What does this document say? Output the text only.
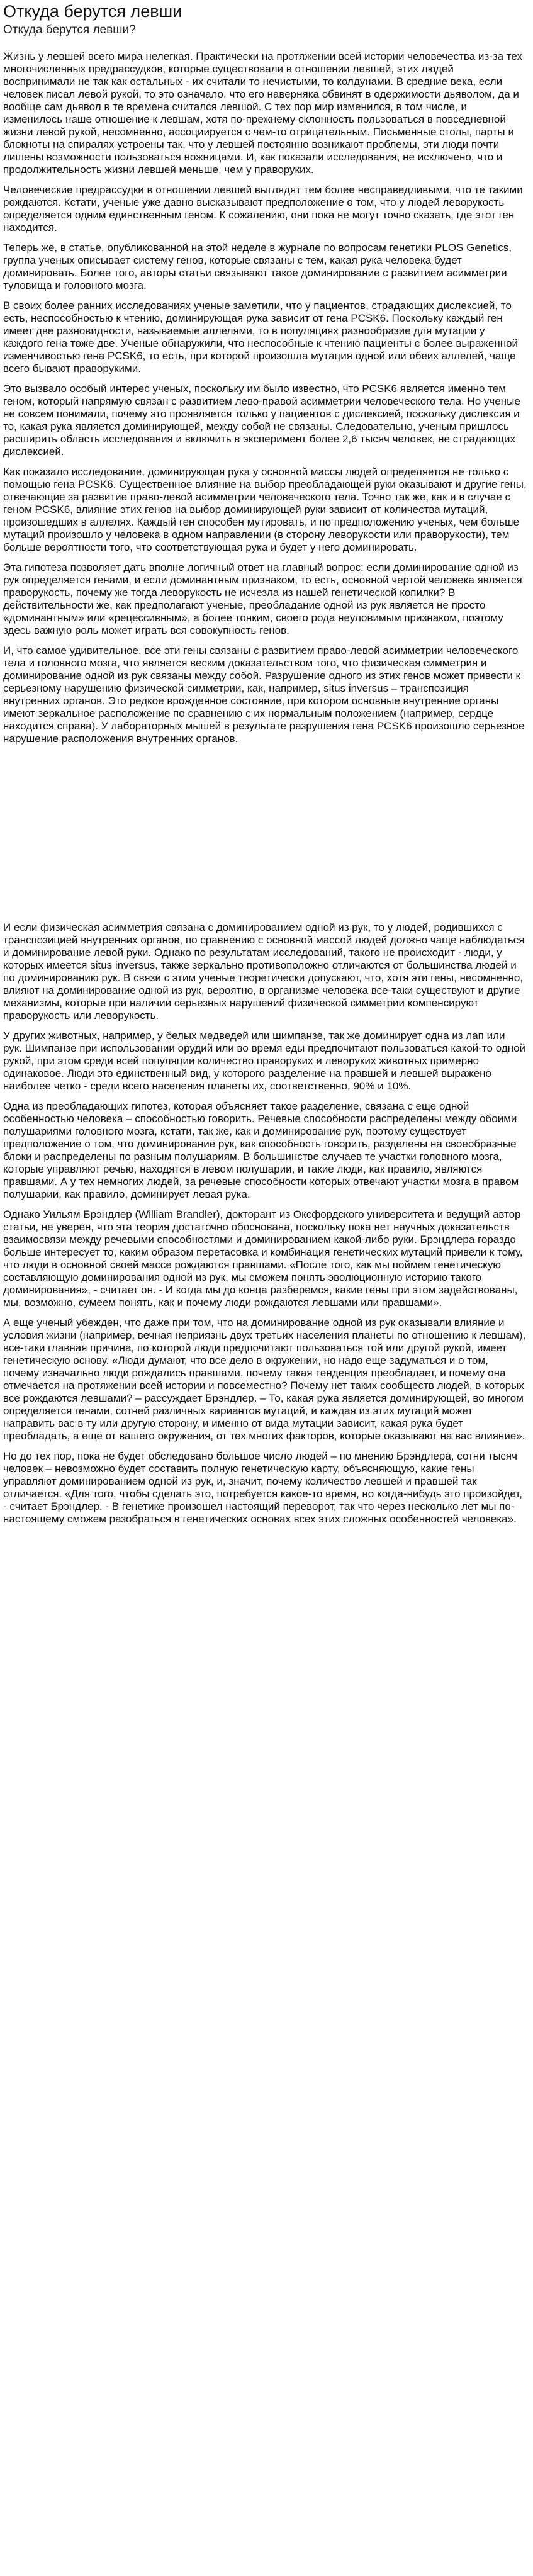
Откуда берутся левши
Откуда берутся левши?

Жизнь у левшей всего мира нелегкая. Практически на протяжении всей истории человечества из-за тех многочисленных предрассудков, которые существовали в отношении левшей, этих людей воспринимали не так как остальных - их считали то нечистыми, то колдунами. В средние века, если человек писал левой рукой, то это означало, что его наверняка обвинят в одержимости дьяволом, да и вообще сам дьявол в те времена считался левшой. С тех пор мир изменился, в том числе, и изменилось наше отношение к левшам, хотя по-прежнему склонность пользоваться в повседневной жизни левой рукой, несомненно, ассоциируется с чем-то отрицательным. Письменные столы, парты и блокноты на спиралях устроены так, что у левшей постоянно возникают проблемы, эти люди почти лишены возможности пользоваться ножницами. И, как показали исследования, не исключено, что и продолжительность жизни левшей меньше, чем у праворуких.

Человеческие предрассудки в отношении левшей выглядят тем более несправедливыми, что те такими рождаются. Кстати, ученые уже давно высказывают предположение о том, что у людей леворукость определяется одним единственным геном. К сожалению, они пока не могут точно сказать, где этот ген находится.

Теперь же, в статье, опубликованной на этой неделе в журнале по вопросам генетики PLOS Genetics, группа ученых описывает систему генов, которые связаны с тем, какая рука человека будет доминировать. Более того, авторы статьи связывают такое доминирование с развитием асимметрии туловища и головного мозга.

В своих более ранних исследованиях ученые заметили, что у пациентов, страдающих дислексией, то есть, неспособностью к чтению, доминирующая рука зависит от гена PCSK6. Поскольку каждый ген имеет две разновидности, называемые аллелями, то в популяциях разнообразие для мутации у каждого гена тоже две. Ученые обнаружили, что неспособные к чтению пациенты с более выраженной изменчивостью гена PCSK6, то есть, при которой произошла мутация одной или обеих аллелей, чаще всего бывают праворукими.

Это вызвало особый интерес ученых, поскольку им было известно, что PCSK6 является именно тем геном, который напрямую связан с развитием лево-правой асимметрии человеческого тела. Но ученые не совсем понимали, почему это проявляется только у пациентов с дислексией, поскольку дислексия и то, какая рука является доминирующей, между собой не связаны. Следовательно, ученым пришлось расширить область исследования и включить в эксперимент более 2,6 тысяч человек, не страдающих дислексией.

Как показало исследование, доминирующая рука у основной массы людей определяется не только с помощью гена PCSK6. Существенное влияние на выбор преобладающей руки оказывают и другие гены, отвечающие за развитие право-левой асимметрии человеческого тела. Точно так же, как и в случае с геном PCSK6, влияние этих генов на выбор доминирующей руки зависит от количества мутаций, произошедших в аллелях. Каждый ген способен мутировать, и по предположению ученых, чем больше мутаций произошло у человека в одном направлении (в сторону леворукости или праворукости), тем больше вероятности того, что соответствующая рука и будет у него доминировать.

Эта гипотеза позволяет дать вполне логичный ответ на главный вопрос: если доминирование одной из рук определяется генами, и если доминантным признаком, то есть, основной чертой человека является праворукость, почему же тогда леворукость не исчезла из нашей генетической копилки? В действительности же, как предполагают ученые, преобладание одной из рук является не просто «доминантным» или «рецессивным», а более тонким, своего рода неуловимым признаком, поэтому здесь важную роль может играть вся совокупность генов.

И, что самое удивительное, все эти гены связаны с развитием право-левой асимметрии человеческого тела и головного мозга, что является веским доказательством того, что физическая симметрия и доминирование одной из рук связаны между собой. Разрушение одного из этих генов может привести к серьезному нарушению физической симметрии, как, например, situs inversus – транспозиция внутренних органов. Это редкое врожденное состояние, при котором основные внутренние органы имеют зеркальное расположение по сравнению с их нормальным положением (например, сердце находится справа). У лабораторных мышей в результате разрушения гена PCSK6 произошло серьезное нарушение расположения внутренних органов.

И если физическая асимметрия связана с доминированием одной из рук, то у людей, родившихся с транспозицией внутренних органов, по сравнению с основной массой людей должно чаще наблюдаться и доминирование левой руки. Однако по результатам исследований, такого не происходит - люди, у которых имеется situs inversus, также зеркально противоположно отличаются от большинства людей и по доминированию рук. В связи с этим ученые теоретически допускают, что, хотя эти гены, несомненно, влияют на доминирование одной из рук, вероятно, в организме человека все-таки существуют и другие механизмы, которые при наличии серьезных нарушений физической симметрии компенсируют праворукость или леворукость.

У других животных, например, у белых медведей или шимпанзе, так же доминирует одна из лап или рук. Шимпанзе при использовании орудий или во время еды предпочитают пользоваться какой-то одной рукой, при этом среди всей популяции количество праворуких и леворуких животных примерно одинаковое. Люди это единственный вид, у которого разделение на правшей и левшей выражено наиболее четко - среди всего населения планеты их, соответственно, 90% и 10%.

Одна из преобладающих гипотез, которая объясняет такое разделение, связана с еще одной особенностью человека – способностью говорить. Речевые способности распределены между обоими полушариями головного мозга, кстати, так же, как и доминирование рук, поэтому существует предположение о том, что доминирование рук, как способность говорить, разделены на своеобразные блоки и распределены по разным полушариям. В большинстве случаев те участки головного мозга, которые управляют речью, находятся в левом полушарии, и такие люди, как правило, являются правшами. А у тех немногих людей, за речевые способности которых отвечают участки мозга в правом полушарии, как правило, доминирует левая рука.

Однако Уильям Брэндлер (William Brandler), докторант из Оксфордского университета и ведущий автор статьи, не уверен, что эта теория достаточно обоснована, поскольку пока нет научных доказательств взаимосвязи между речевыми способностями и доминированием какой-либо руки. Брэндлера гораздо больше интересует то, каким образом перетасовка и комбинация генетических мутаций привели к тому, что люди в основной своей массе рождаются правшами. «После того, как мы поймем генетическую составляющую доминирования одной из рук, мы сможем понять эволюционную историю такого доминирования», - считает он. - И когда мы до конца разберемся, какие гены при этом задействованы, мы, возможно, сумеем понять, как и почему люди рождаются левшами или правшами».

А еще ученый убежден, что даже при том, что на доминирование одной из рук оказывали влияние и условия жизни (например, вечная неприязнь двух третьих населения планеты по отношению к левшам), все-таки главная причина, по которой люди предпочитают пользоваться той или другой рукой, имеет генетическую основу. «Люди думают, что все дело в окружении, но надо еще задуматься и о том, почему изначально люди рождались правшами, почему такая тенденция преобладает, и почему она отмечается на протяжении всей истории и повсеместно? Почему нет таких сообществ людей, в которых все рождаются левшами? – рассуждает Брэндлер. – То, какая рука является доминирующей, во многом определяется генами, сотней различных вариантов мутаций, и каждая из этих мутаций может направить вас в ту или другую сторону, и именно от вида мутации зависит, какая рука будет преобладать, а еще от вашего окружения, от тех многих факторов, которые оказывают на вас влияние».

Но до тех пор, пока не будет обследовано большое число людей – по мнению Брэндлера, сотни тысяч человек – невозможно будет составить полную генетическую карту, объясняющую, какие гены управляют доминированием одной из рук, и, значит, почему количество левшей и правшей так отличается. «Для того, чтобы сделать это, потребуется какое-то время, но когда-нибудь это произойдет, - считает Брэндлер. - В генетике произошел настоящий переворот, так что через несколько лет мы по-настоящему сможем разобраться в генетических основах всех этих сложных особенностей человека».
